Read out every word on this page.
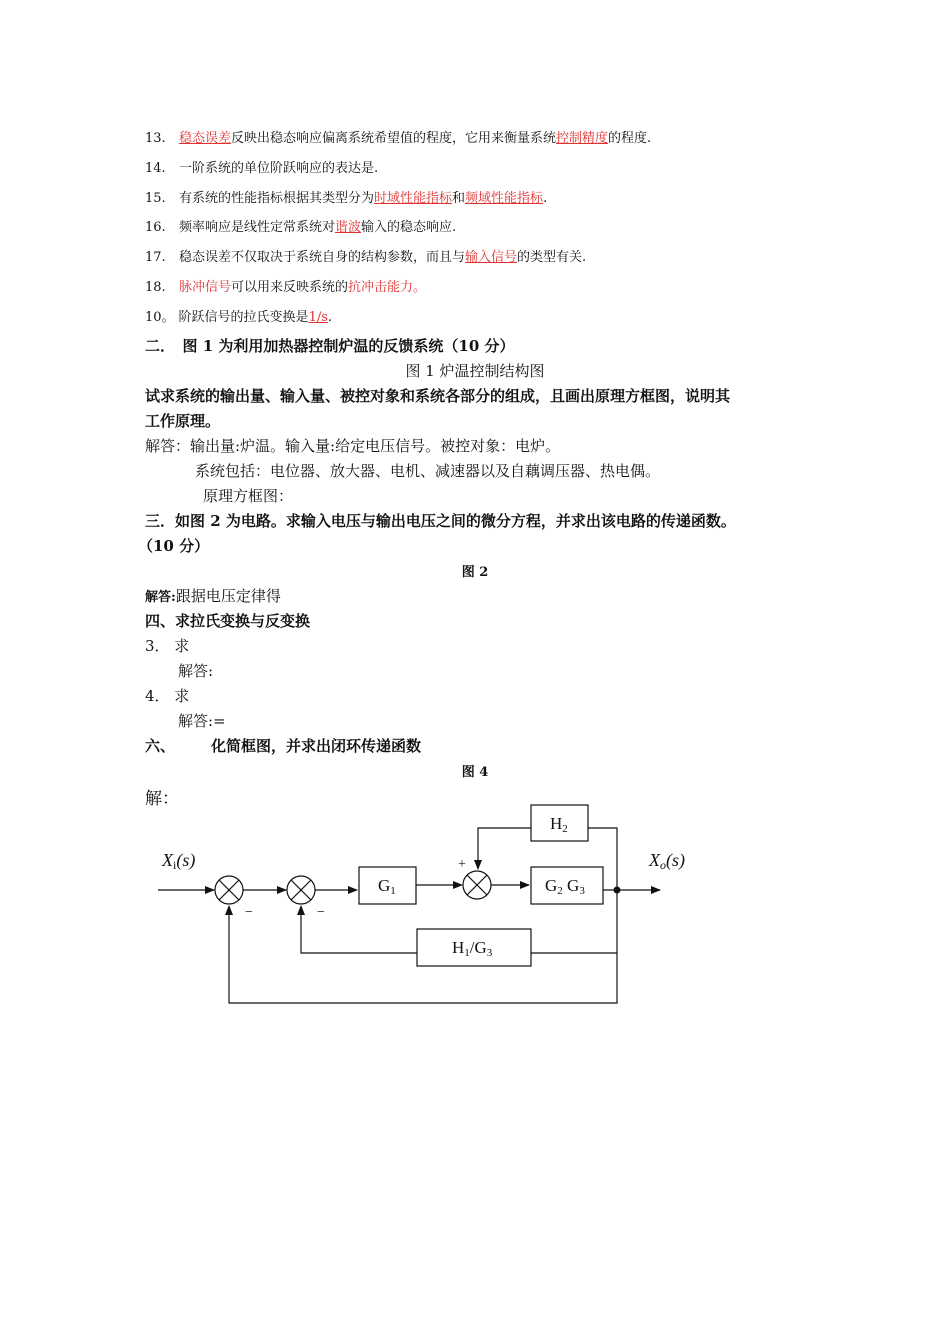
13. 稳态误差反映出稳态响应偏离系统希望值的程度，它用来衡量系统控制精度的程度.
14. 一阶系统的单位阶跃响应的表达是.
15. 有系统的性能指标根据其类型分为时域性能指标和频域性能指标.
16. 频率响应是线性定常系统对谐波输入的稳态响应.
17. 稳态误差不仅取决于系统自身的结构参数，而且与输入信号的类型有关.
18. 脉冲信号可以用来反映系统的抗冲击能力。
10。 阶跃信号的拉氏变换是1/s.
二．　图 1 为利用加热器控制炉温的反馈系统（10 分）
图 1 炉温控制结构图
试求系统的输出量、输入量、被控对象和系统各部分的组成，且画出原理方框图，说明其
工作原理。
解答：输出量:炉温。输入量:给定电压信号。被控对象：电炉。
系统包括：电位器、放大器、电机、减速器以及自藕调压器、热电偶。
原理方框图：
三．如图 2 为电路。求输入电压与输出电压之间的微分方程，并求出该电路的传递函数。
（10 分）
图 2
解答:跟据电压定律得
四、求拉氏变换与反变换
3． 求
解答:
4． 求
解答:=
六、 化简框图，并求出闭环传递函数
图 4
解：
Xi(s)	Xo(s)
G1
H2
G2 G3
H1/G3
+
−	−
